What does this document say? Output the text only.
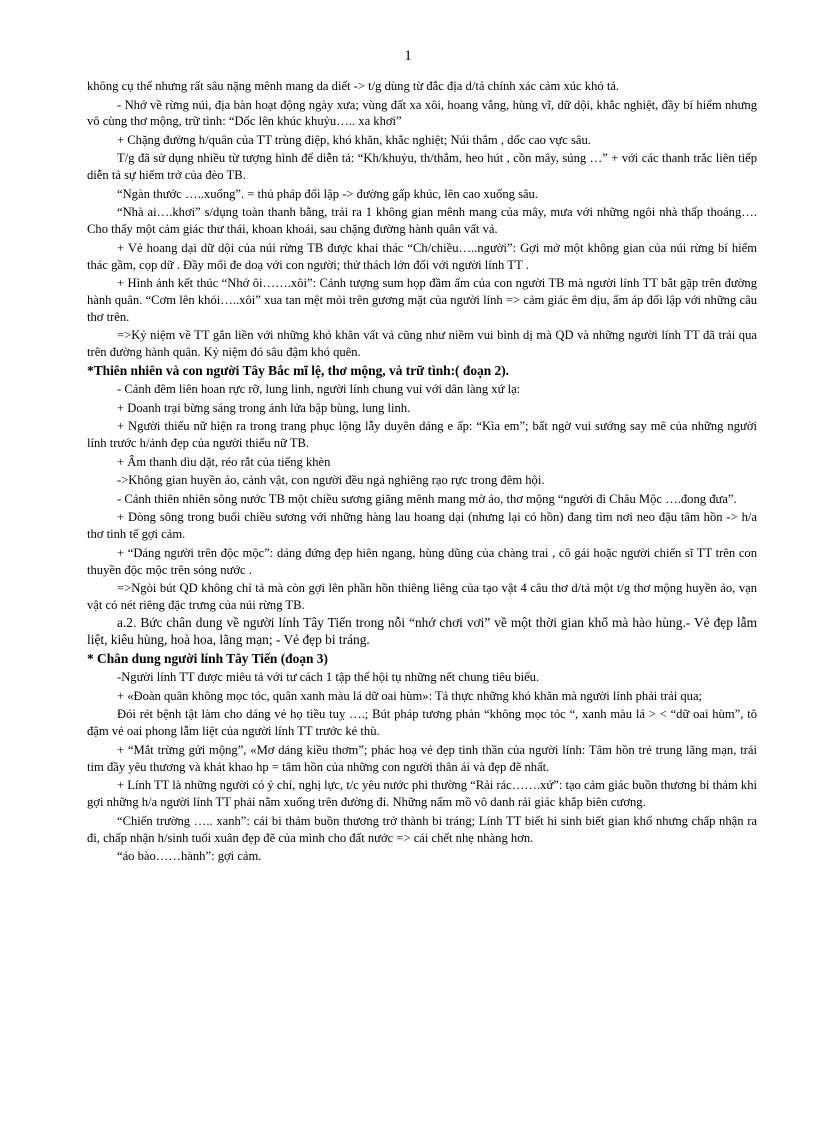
1

không cụ thể nhưng rất sâu nặng mênh mang da diết -> t/g dùng từ đắc địa d/tả chính xác cảm xúc khó tả.

- Nhớ về rừng núi, địa bàn hoạt động ngày xưa; vùng đất xa xôi, hoang vắng, hùng vĩ, dữ dội, khắc nghiệt, đầy bí hiểm nhưng vô cùng thơ mộng, trữ tình: “Dốc lên khúc khuỷu….. xa khơi”

+ Chặng đường h/quân của TT trùng điệp, khó khăn, khắc nghiệt; Núi thẳm , dốc cao vực sâu.

T/g đã sử dụng nhiều từ tượng hình để diễn tả: “Kh/khuỷu, th/thẳm, heo hút , cồn mây, súng …” + với các thanh trắc liên tiếp diễn tả sự hiểm trở của đèo TB.

“Ngàn thước …..xuống”. = thủ pháp đối lập -> đường gấp khúc, lên cao xuống sâu.

“Nhà ai….khơi” s/dụng toàn thanh bằng, trải ra 1 không gian mênh mang của mây, mưa với những ngôi nhà thấp thoáng…. Cho thấy một cảm giác thư thái, khoan khoái, sau chặng đường hành quân vất vả.

+ Vẻ hoang dại dữ dội của núi rừng TB được khai thác “Ch/chiều…..người”: Gợi mở một không gian của núi rừng bí hiểm thác gầm, cọp dữ . Đầy mối đe doạ với con người; thử thách lớn đối với người lính TT .

+ Hình ảnh kết thúc “Nhớ ôi…….xôi”: Cảnh tượng sum họp đầm ấm của con người TB mà người lính TT bắt gặp trên đường hành quân. “Cơm lên khói…..xôi” xua tan mệt mỏi trên gương mặt của người lính => cảm giác êm dịu, ấm áp đối lập với những câu thơ trên.

=>Kỷ niệm về TT gắn liền với những khó khăn vất vả cũng như niềm vui bình dị mà QD và những người lính TT đã trải qua trên đường hành quân. Kỷ niệm đó sâu đậm khó quên.

*Thiên nhiên và con người Tây Bắc mĩ lệ, thơ mộng, và trữ tình:( đoạn 2).

- Cảnh đêm liên hoan rực rỡ, lung linh, người lính chung vui với dân làng xứ lạ:

+ Doanh trại bừng sáng trong ánh lửa bập bùng, lung linh.

+ Người thiếu nữ hiện ra trong trang phục lộng lẫy duyên dáng e ấp: “Kìa em”; bất ngờ vui sướng say mê của những người lính trước h/ảnh đẹp của người thiếu nữ TB.

+ Âm thanh dìu dặt, réo rắt của tiếng khèn

->Không gian huyền ảo, cảnh vật, con người đều ngả nghiêng rạo rực trong đêm hội.

- Cảnh thiên nhiên sông nước TB một chiều sương giăng mênh mang mờ ảo, thơ mộng “người đi Châu Mộc ….đong đưa”.

+ Dòng sông trong buổi chiều sương với những hàng lau hoang dại (nhưng lại có hồn) đang tìm nơi neo đậu tâm hồn -> h/a thơ tinh tế gợi cảm.

+ “Dáng người trên độc mộc”: dáng đứng đẹp hiên ngang, hùng dũng của chàng trai , cô gái hoặc người chiến sĩ TT trên con thuyền độc mộc trên sóng nước .

=>Ngòi bút QD không chỉ tả mà còn gợi lên phần hồn thiêng liêng của tạo vật 4 câu thơ d/tả một t/g thơ mộng huyền ảo, vạn vật có nét riêng đặc trưng của núi rừng TB.

a.2. Bức chân dung về người lính Tây Tiến trong nỗi “nhớ chơi vơi” về một thời gian khổ mà hào hùng.- Vẻ đẹp lẫm liệt, kiêu hùng, hoà hoa, lãng mạn; - Vẻ đẹp bi tráng.

* Chân dung người lính Tây Tiến (đoạn 3)

-Người lính TT được miêu tả với tư cách 1 tập thể hội tụ những nết chung tiêu biểu.

+ «Đoàn quân không mọc tóc, quân xanh màu lá dữ oai hùm»: Tả thực những khó khăn mà người lính phải trải qua;

Đói rét bệnh tật làm cho dáng vẻ họ tiều tuỵ ….; Bút pháp tương phản “không mọc tóc “, xanh màu lá > < “dữ oai hùm”, tô đậm vẻ oai phong lẫm liệt của người lính TT trước kẻ thù.

+ “Mắt trừng gửi mộng”, «Mơ dáng kiều thơm”; phác hoạ vẻ đẹp tinh thần của người lính: Tâm hồn trẻ trung lãng mạn, trái tim đầy yêu thương và khát khao hp = tâm hồn của những con người thân ái và đẹp đẽ nhất.

+ Lính TT là những người có ý chí, nghị lực, t/c yêu nước phi thường “Rải rác…….xứ”: tạo cảm giác buồn thương bi thảm khi gợi những h/a người lính TT phải nằm xuống trên đường đi. Những nấm mồ vô danh rải giác khắp biên cương.

“Chiến trường ….. xanh”: cái bi thảm buồn thương trở thành bi tráng; Lính TT biết hi sinh biết gian khổ nhưng chấp nhận ra đi, chấp nhận h/sinh tuổi xuân đẹp đẽ của mình cho đất nước => cái chết nhẹ nhàng hơn.

“áo bào……hành”: gợi cảm.
